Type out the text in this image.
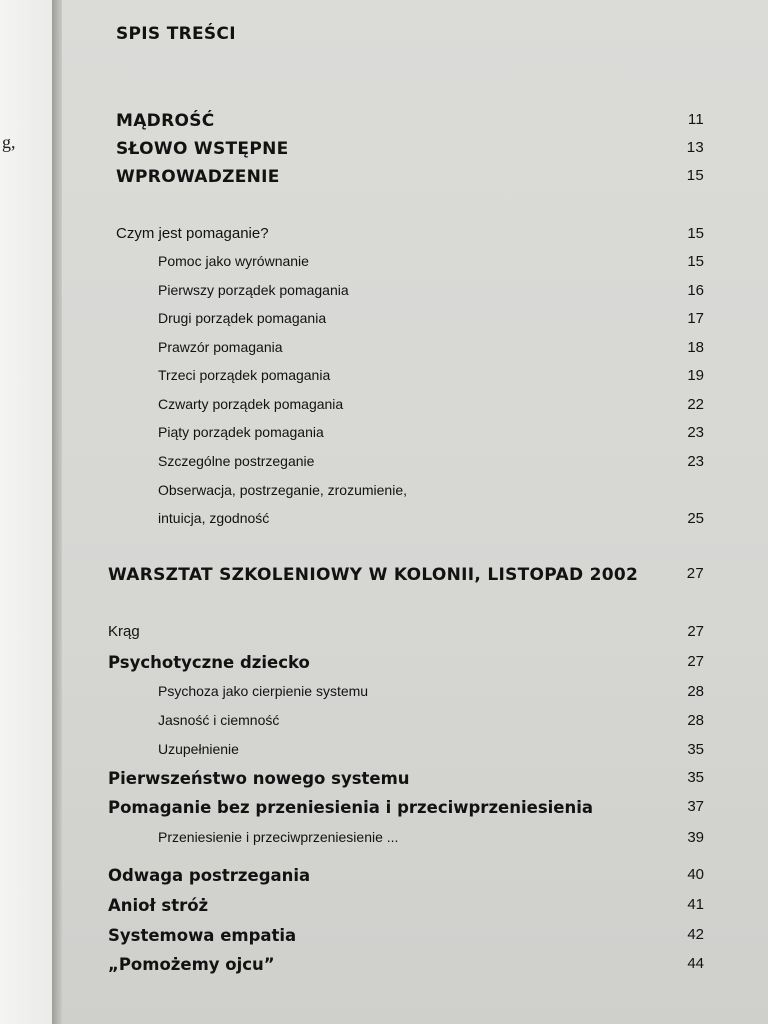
g,
SPIS TREŚCI
MĄDROŚĆ	11
SŁOWO WSTĘPNE	13
WPROWADZENIE	15
Czym jest pomaganie?	15
Pomoc jako wyrównanie	15
Pierwszy porządek pomagania	16
Drugi porządek pomagania	17
Prawzór pomagania	18
Trzeci porządek pomagania	19
Czwarty porządek pomagania	22
Piąty porządek pomagania	23
Szczególne postrzeganie	23
Obserwacja, postrzeganie, zrozumienie,
intuicja, zgodność	25
WARSZTAT SZKOLENIOWY W KOLONII, LISTOPAD 2002	27
Krąg	27
Psychotyczne dziecko	27
Psychoza jako cierpienie systemu	28
Jasność i ciemność	28
Uzupełnienie	35
Pierwszeństwo nowego systemu	35
Pomaganie bez przeniesienia i przeciwprzeniesienia	37
Przeniesienie i przeciwprzeniesienie ...	39
Odwaga postrzegania	40
Anioł stróż	41
Systemowa empatia	42
„Pomożemy ojcu”	44
